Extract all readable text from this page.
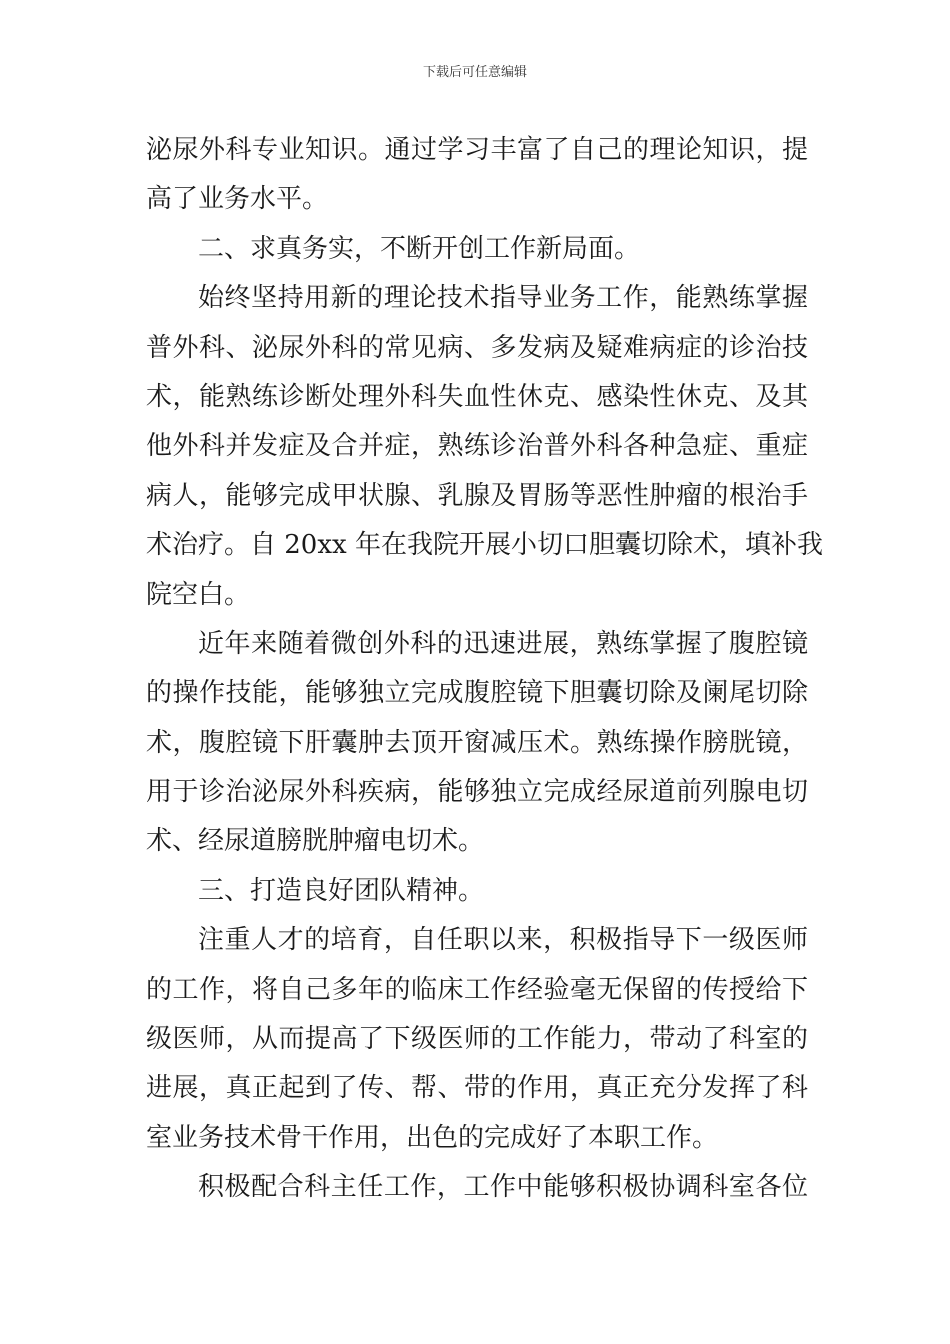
下载后可任意编辑
泌尿外科专业知识。通过学习丰富了自己的理论知识，提
高了业务水平。
二、求真务实，不断开创工作新局面。
始终坚持用新的理论技术指导业务工作，能熟练掌握
普外科、泌尿外科的常见病、多发病及疑难病症的诊治技
术，能熟练诊断处理外科失血性休克、感染性休克、及其
他外科并发症及合并症，熟练诊治普外科各种急症、重症
病人，能够完成甲状腺、乳腺及胃肠等恶性肿瘤的根治手
术治疗。自 20xx 年在我院开展小切口胆囊切除术，填补我
院空白。
近年来随着微创外科的迅速进展，熟练掌握了腹腔镜
的操作技能，能够独立完成腹腔镜下胆囊切除及阑尾切除
术，腹腔镜下肝囊肿去顶开窗减压术。熟练操作膀胱镜，
用于诊治泌尿外科疾病，能够独立完成经尿道前列腺电切
术、经尿道膀胱肿瘤电切术。
三、打造良好团队精神。
注重人才的培育，自任职以来，积极指导下一级医师
的工作，将自己多年的临床工作经验毫无保留的传授给下
级医师，从而提高了下级医师的工作能力，带动了科室的
进展，真正起到了传、帮、带的作用，真正充分发挥了科
室业务技术骨干作用，出色的完成好了本职工作。
积极配合科主任工作，工作中能够积极协调科室各位
